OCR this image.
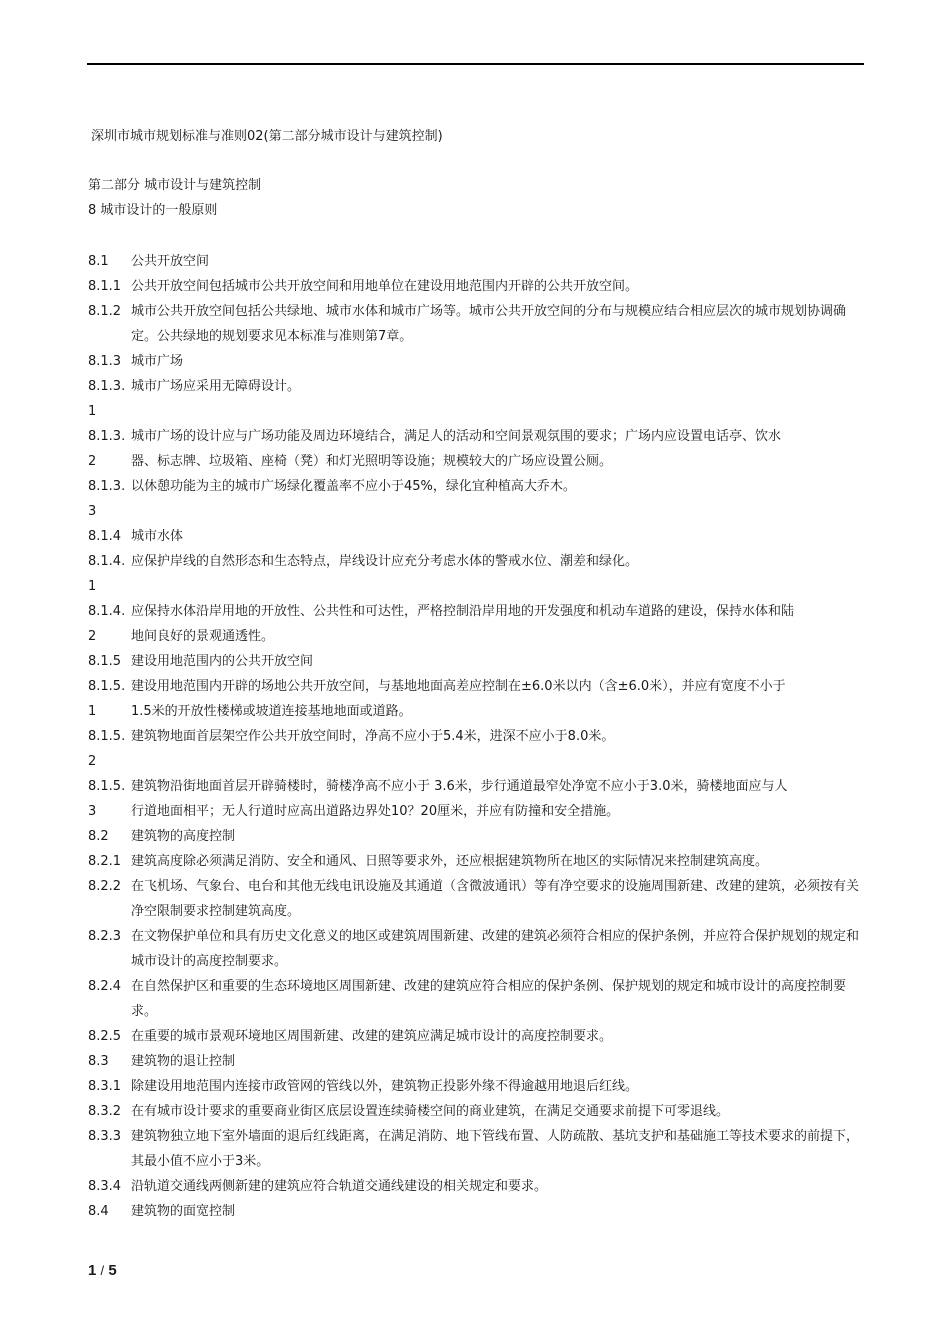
深圳市城市规划标准与准则02(第二部分城市设计与建筑控制)
第二部分 城市设计与建筑控制
8 城市设计的一般原则
8.1	公共开放空间
8.1.1 公共开放空间包括城市公共开放空间和用地单位在建设用地范围内开辟的公共开放空间。
8.1.2 城市公共开放空间包括公共绿地、城市水体和城市广场等。城市公共开放空间的分布与规模应结合相应层次的城市规划协调确定。公共绿地的规划要求见本标准与准则第7章。
8.1.3 城市广场
8.1.3. 城市广场应采用无障碍设计。
1
8.1.3. 城市广场的设计应与广场功能及周边环境结合，满足人的活动和空间景观氛围的要求；广场内应设置电话亭、饮水
2	器、标志牌、垃圾箱、座椅（凳）和灯光照明等设施；规模较大的广场应设置公厕。
8.1.3. 以休憩功能为主的城市广场绿化覆盖率不应小于45%，绿化宜种植高大乔木。
3
8.1.4 城市水体
8.1.4. 应保护岸线的自然形态和生态特点，岸线设计应充分考虑水体的警戒水位、潮差和绿化。
1
8.1.4. 应保持水体沿岸用地的开放性、公共性和可达性，严格控制沿岸用地的开发强度和机动车道路的建设，保持水体和陆
2	地间良好的景观通透性。
8.1.5 建设用地范围内的公共开放空间
8.1.5. 建设用地范围内开辟的场地公共开放空间，与基地地面高差应控制在±6.0米以内（含±6.0米），并应有宽度不小于
1	1.5米的开放性楼梯或坡道连接基地地面或道路。
8.1.5. 建筑物地面首层架空作公共开放空间时，净高不应小于5.4米，进深不应小于8.0米。
2
8.1.5. 建筑物沿街地面首层开辟骑楼时，骑楼净高不应小于 3.6米，步行通道最窄处净宽不应小于3.0米，骑楼地面应与人
3	行道地面相平；无人行道时应高出道路边界处10？20厘米，并应有防撞和安全措施。
8.2	建筑物的高度控制
8.2.1 建筑高度除必须满足消防、安全和通风、日照等要求外，还应根据建筑物所在地区的实际情况来控制建筑高度。
8.2.2 在飞机场、气象台、电台和其他无线电讯设施及其通道（含微波通讯）等有净空要求的设施周围新建、改建的建筑，必须按有关净空限制要求控制建筑高度。
8.2.3 在文物保护单位和具有历史文化意义的地区或建筑周围新建、改建的建筑必须符合相应的保护条例，并应符合保护规划的规定和城市设计的高度控制要求。
8.2.4 在自然保护区和重要的生态环境地区周围新建、改建的建筑应符合相应的保护条例、保护规划的规定和城市设计的高度控制要求。
8.2.5 在重要的城市景观环境地区周围新建、改建的建筑应满足城市设计的高度控制要求。
8.3	建筑物的退让控制
8.3.1 除建设用地范围内连接市政管网的管线以外，建筑物正投影外缘不得逾越用地退后红线。
8.3.2 在有城市设计要求的重要商业街区底层设置连续骑楼空间的商业建筑，在满足交通要求前提下可零退线。
8.3.3 建筑物独立地下室外墙面的退后红线距离，在满足消防、地下管线布置、人防疏散、基坑支护和基础施工等技术要求的前提下，其最小值不应小于3米。
8.3.4 沿轨道交通线两侧新建的建筑应符合轨道交通线建设的相关规定和要求。
8.4	建筑物的面宽控制
1 / 5
